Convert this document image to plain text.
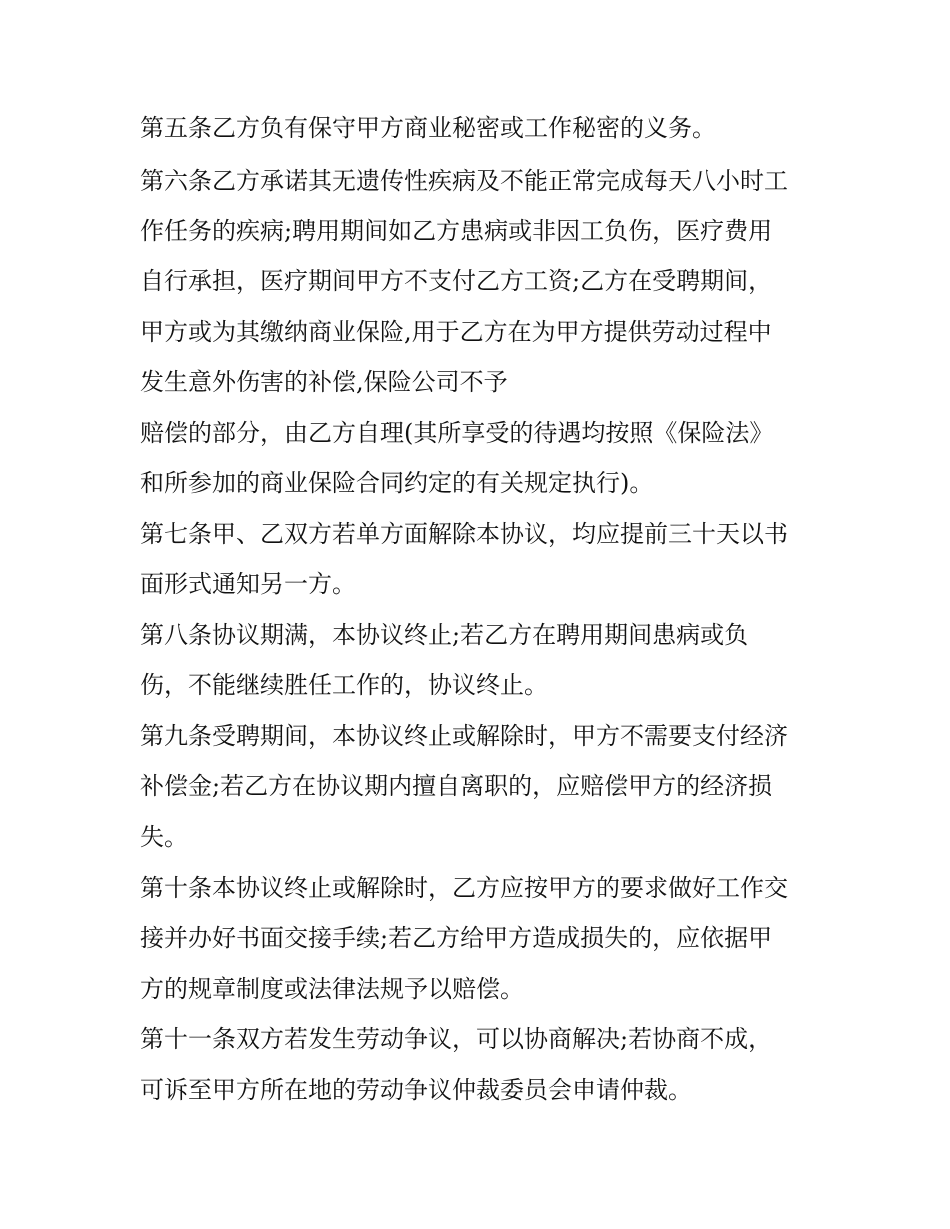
第五条乙方负有保守甲方商业秘密或工作秘密的义务。
第六条乙方承诺其无遗传性疾病及不能正常完成每天八小时工
作任务的疾病;聘用期间如乙方患病或非因工负伤，医疗费用
自行承担，医疗期间甲方不支付乙方工资;乙方在受聘期间，
甲方或为其缴纳商业保险,用于乙方在为甲方提供劳动过程中
发生意外伤害的补偿,保险公司不予
赔偿的部分，由乙方自理(其所享受的待遇均按照《保险法》
和所参加的商业保险合同约定的有关规定执行)。
第七条甲、乙双方若单方面解除本协议，均应提前三十天以书
面形式通知另一方。
第八条协议期满，本协议终止;若乙方在聘用期间患病或负
伤，不能继续胜任工作的，协议终止。
第九条受聘期间，本协议终止或解除时，甲方不需要支付经济
补偿金;若乙方在协议期内擅自离职的，应赔偿甲方的经济损
失。
第十条本协议终止或解除时，乙方应按甲方的要求做好工作交
接并办好书面交接手续;若乙方给甲方造成损失的，应依据甲
方的规章制度或法律法规予以赔偿。
第十一条双方若发生劳动争议，可以协商解决;若协商不成，
可诉至甲方所在地的劳动争议仲裁委员会申请仲裁。
